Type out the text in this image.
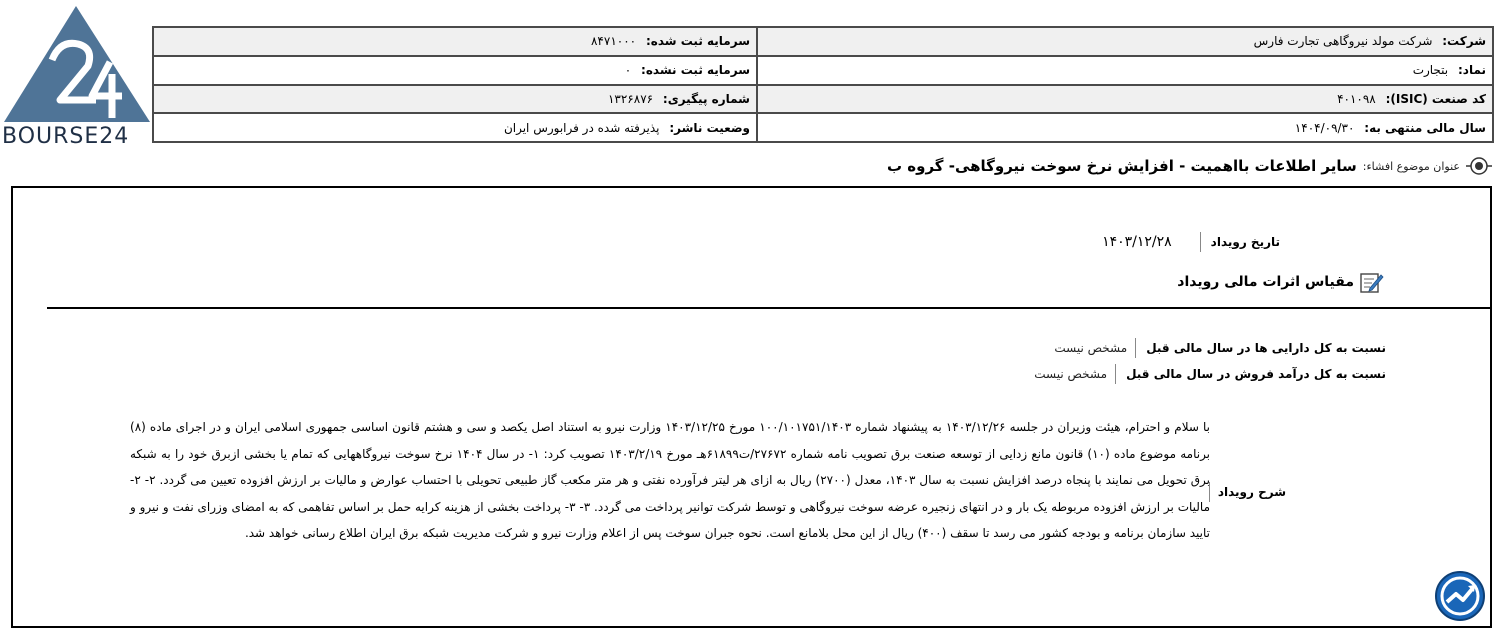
BOURSE24
شرکت: شرکت مولد نیروگاهی تجارت فارس	سرمایه ثبت شده: ۸۴۷۱۰۰۰
نماد: بتجارت	سرمایه ثبت نشده: ۰
کد صنعت (ISIC): ۴۰۱۰۹۸	شماره پیگیری: ۱۳۲۶۸۷۶
سال مالی منتهی به: ۱۴۰۴/۰۹/۳۰	وضعیت ناشر: پذیرفته شده در فرابورس ایران
عنوان موضوع افشاء:
سایر اطلاعات بااهمیت - افزایش نرخ سوخت نیروگاهی- گروه ب
تاریخ رویداد
۱۴۰۳/۱۲/۲۸
مقیاس اثرات مالی رویداد
نسبت به کل دارایی ها در سال مالی قبل
مشخص نیست
نسبت به کل درآمد فروش در سال مالی قبل
مشخص نیست
شرح رویداد
با سلام و احترام، هیئت وزیران در جلسه ۱۴۰۳/۱۲/۲۶ به پیشنهاد شماره ۱۰۰/۱۰۱۷۵۱/۱۴۰۳ مورخ ۱۴۰۳/۱۲/۲۵ وزارت نیرو به استناد اصل یکصد و سی و هشتم قانون اساسی جمهوری اسلامی ایران و در اجرای ماده (۸) برنامه موضوع ماده (۱۰) قانون مانع زدایی از توسعه صنعت برق تصویب نامه شماره ۲۷۶۷۲/ت۶۱۸۹۹هـ مورخ ۱۴۰۳/۲/۱۹ تصویب کرد: ۱- در سال ۱۴۰۴ نرخ سوخت نیروگاههایی که تمام یا بخشی ازبرق خود را به شبکه برق تحویل می نمایند با پنجاه درصد افزایش نسبت به سال ۱۴۰۳، معدل (۲۷۰۰) ریال به ازای هر لیتر فرآورده نفتی و هر متر مکعب گاز طبیعی تحویلی با احتساب عوارض و مالیات بر ارزش افزوده تعیین می گردد. ۲- ۲- مالیات بر ارزش افزوده مربوطه یک بار و در انتهای زنجیره عرضه سوخت نیروگاهی و توسط شرکت توانیر پرداخت می گردد. ۳- ۳- پرداخت بخشی از هزینه کرایه حمل بر اساس تفاهمی که به امضای وزرای نفت و نیرو و تایید سازمان برنامه و بودجه کشور می رسد تا سقف (۴۰۰) ریال از این محل بلامانع است. نحوه جبران سوخت پس از اعلام وزارت نیرو و شرکت مدیریت شبکه برق ایران اطلاع رسانی خواهد شد.
